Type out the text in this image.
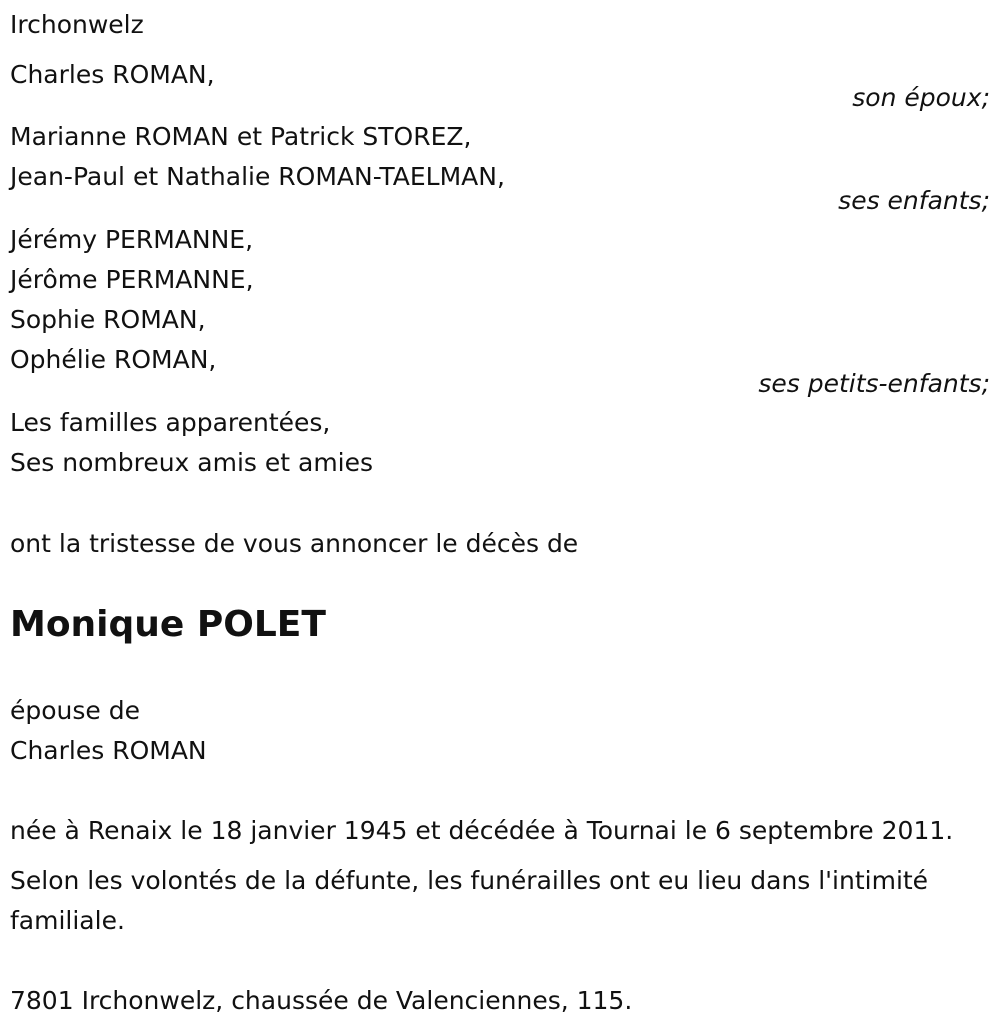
Irchonwelz
Charles ROMAN,
son époux;
Marianne ROMAN et Patrick STOREZ,
Jean-Paul et Nathalie ROMAN-TAELMAN,
ses enfants;
Jérémy PERMANNE,
Jérôme PERMANNE,
Sophie ROMAN,
Ophélie ROMAN,
ses petits-enfants;
Les familles apparentées,
Ses nombreux amis et amies
ont la tristesse de vous annoncer le décès de
Monique POLET
épouse de
Charles ROMAN
née à Renaix le 18 janvier 1945 et décédée à Tournai le 6 septembre 2011.
Selon les volontés de la défunte, les funérailles ont eu lieu dans l'intimité
familiale.
7801 Irchonwelz, chaussée de Valenciennes, 115.
